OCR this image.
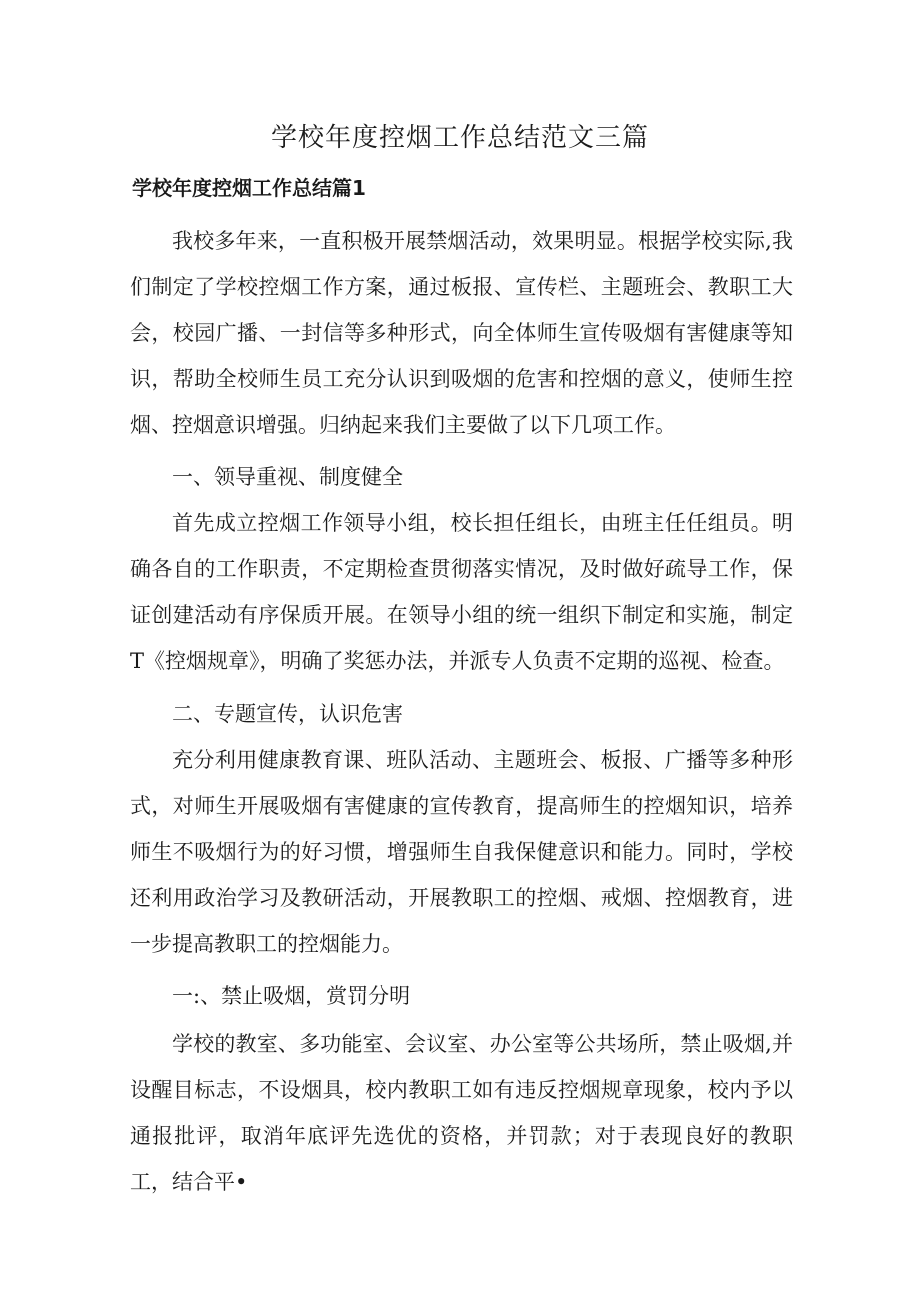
学校年度控烟工作总结范文三篇
学校年度控烟工作总结篇1

我校多年来，一直积极开展禁烟活动，效果明显。根据学校实际,我们制定了学校控烟工作方案，通过板报、宣传栏、主题班会、教职工大会，校园广播、一封信等多种形式，向全体师生宣传吸烟有害健康等知识，帮助全校师生员工充分认识到吸烟的危害和控烟的意义，使师生控烟、控烟意识增强。归纳起来我们主要做了以下几项工作。

一、领导重视、制度健全

首先成立控烟工作领导小组，校长担任组长，由班主任任组员。明确各自的工作职责，不定期检查贯彻落实情况，及时做好疏导工作，保证创建活动有序保质开展。在领导小组的统一组织下制定和实施，制定T《控烟规章》，明确了奖惩办法，并派专人负责不定期的巡视、检查。

二、专题宣传，认识危害

充分利用健康教育课、班队活动、主题班会、板报、广播等多种形式，对师生开展吸烟有害健康的宣传教育，提高师生的控烟知识，培养师生不吸烟行为的好习惯，增强师生自我保健意识和能力。同时，学校还利用政治学习及教研活动，开展教职工的控烟、戒烟、控烟教育，进一步提高教职工的控烟能力。

一:、禁止吸烟，赏罚分明

学校的教室、多功能室、会议室、办公室等公共场所，禁止吸烟,并设醒目标志，不设烟具，校内教职工如有违反控烟规章现象，校内予以通报批评，取消年底评先选优的资格，并罚款；对于表现良好的教职工，结合平•
